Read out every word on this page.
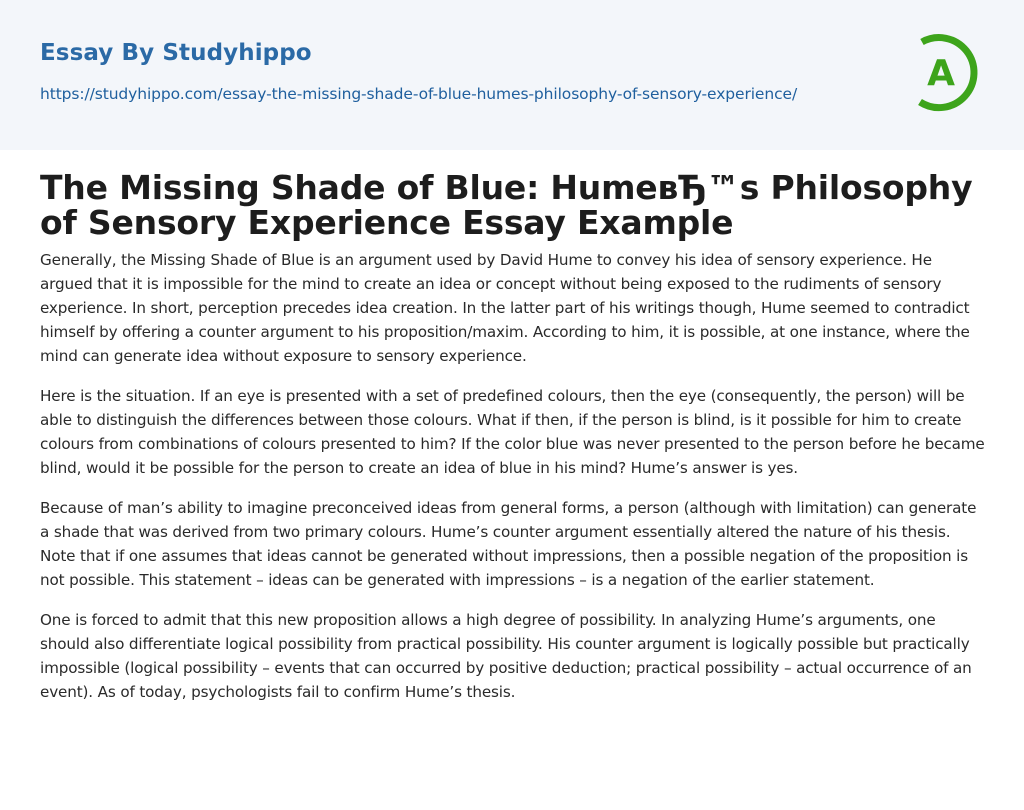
Essay By Studyhippo
https://studyhippo.com/essay-the-missing-shade-of-blue-humes-philosophy-of-sensory-experience/	A
The Missing Shade of Blue: HumeвЂ™s Philosophy of Sensory Experience Essay Example

Generally, the Missing Shade of Blue is an argument used by David Hume to convey his idea of sensory experience. He argued that it is impossible for the mind to create an idea or concept without being exposed to the rudiments of sensory experience. In short, perception precedes idea creation. In the latter part of his writings though, Hume seemed to contradict himself by offering a counter argument to his proposition/maxim. According to him, it is possible, at one instance, where the mind can generate idea without exposure to sensory experience.

Here is the situation. If an eye is presented with a set of predefined colours, then the eye (consequently, the person) will be able to distinguish the differences between those colours. What if then, if the person is blind, is it possible for him to create colours from combinations of colours presented to him? If the color blue was never presented to the person before he became blind, would it be possible for the person to create an idea of blue in his mind? Hume’s answer is yes.

Because of man’s ability to imagine preconceived ideas from general forms, a person (although with limitation) can generate a shade that was derived from two primary colours. Hume’s counter argument essentially altered the nature of his thesis. Note that if one assumes that ideas cannot be generated without impressions, then a possible negation of the proposition is not possible. This statement – ideas can be generated with impressions – is a negation of the earlier statement.

One is forced to admit that this new proposition allows a high degree of possibility. In analyzing Hume’s arguments, one should also differentiate logical possibility from practical possibility. His counter argument is logically possible but practically impossible (logical possibility – events that can occurred by positive deduction; practical possibility – actual occurrence of an event). As of today, psychologists fail to confirm Hume’s thesis.
